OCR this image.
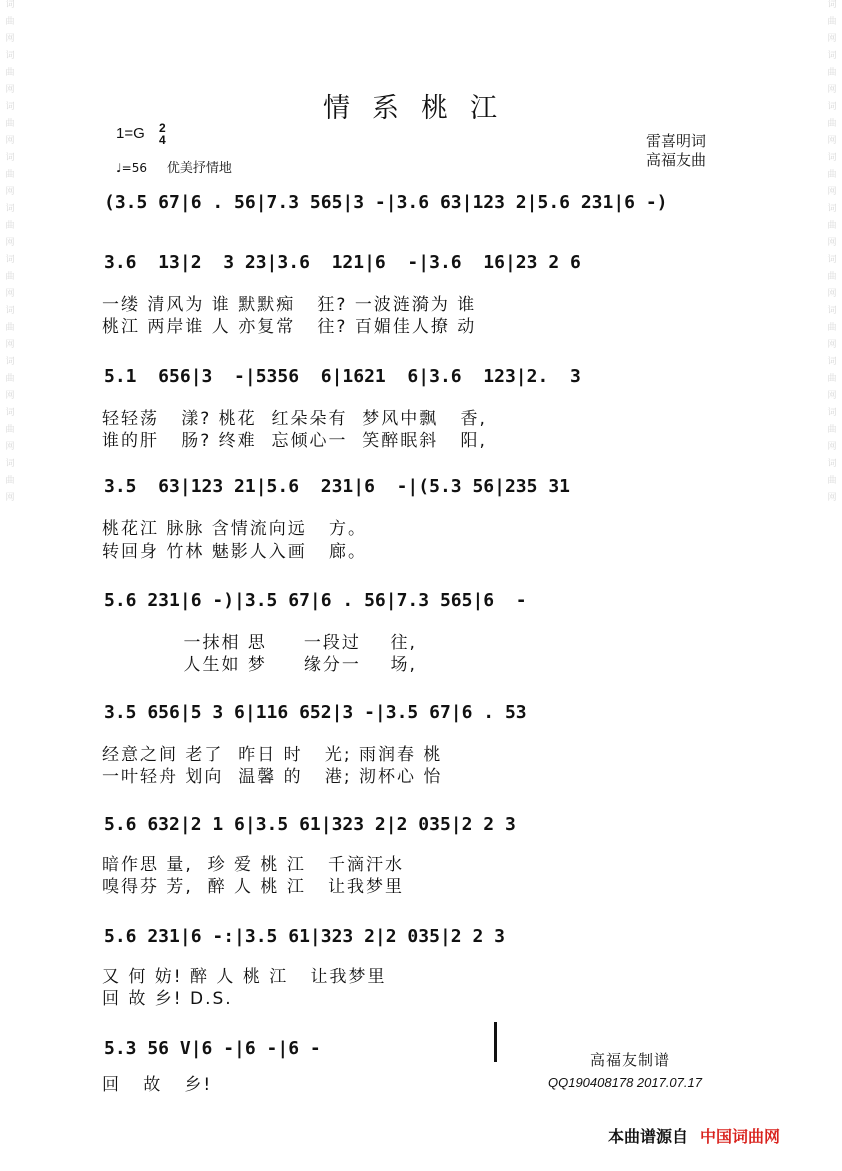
词
曲
网
词
曲
网
词
曲
网
词
曲
网
词
曲
网
词
曲
网
词
曲
网
词
曲
网
词
曲
网
词
曲
网
词
曲
网
词
曲
网
词
曲
网
词
曲
网
词
曲
网
词
曲
网
词
曲
网
词
曲
网
词
曲
网
词
曲
网
情系桃江
1=G 2
4
♩=56 优美抒情地
雷喜明词
高福友曲
(3.5 67|6 . 56|7.3 565|3 -|3.6 63|123 2|5.6 231|6 -)
3.6  13|2  3 23|3.6  121|6  -|3.6  16|23 2 6
一缕 清风为 谁 默默痴   狂? 一波涟漪为 谁
桃江 两岸谁 人 亦复常   往? 百媚佳人撩 动
5.1  656|3  -|5356  6|1621  6|3.6  123|2.  3
轻轻荡   漾? 桃花  红朵朵有  梦风中飘   香,
谁的肝   肠? 终难  忘倾心一  笑醉眠斜   阳,
3.5  63|123 21|5.6  231|6  -|(5.3 56|235 31
桃花江 脉脉 含情流向远   方。
转回身 竹林 魅影人入画   廊。
5.6 231|6 -)|3.5 67|6 . 56|7.3 565|6  -
一抹相 思     一段过    往,
人生如 梦     缘分一    场,
3.5 656|5 3 6|116 652|3 -|3.5 67|6 . 53
经意之间 老了  昨日 时   光; 雨润春 桃
一叶轻舟 划向  温馨 的   港; 沏杯心 怡
5.6 632|2 1 6|3.5 61|323 2|2 035|2 2 3
暗作思 量,  珍 爱 桃 江   千滴汗水
嗅得芬 芳,  醉 人 桃 江   让我梦里
5.6 231|6 -:|3.5 61|323 2|2 035|2 2 3
又 何 妨! 醉 人 桃 江   让我梦里
回 故 乡! D.S.
5.3 56 V|6 -|6 -|6 -
回   故   乡!
高福友制谱
QQ190408178 2017.07.17
本曲谱源自 中国词曲网
